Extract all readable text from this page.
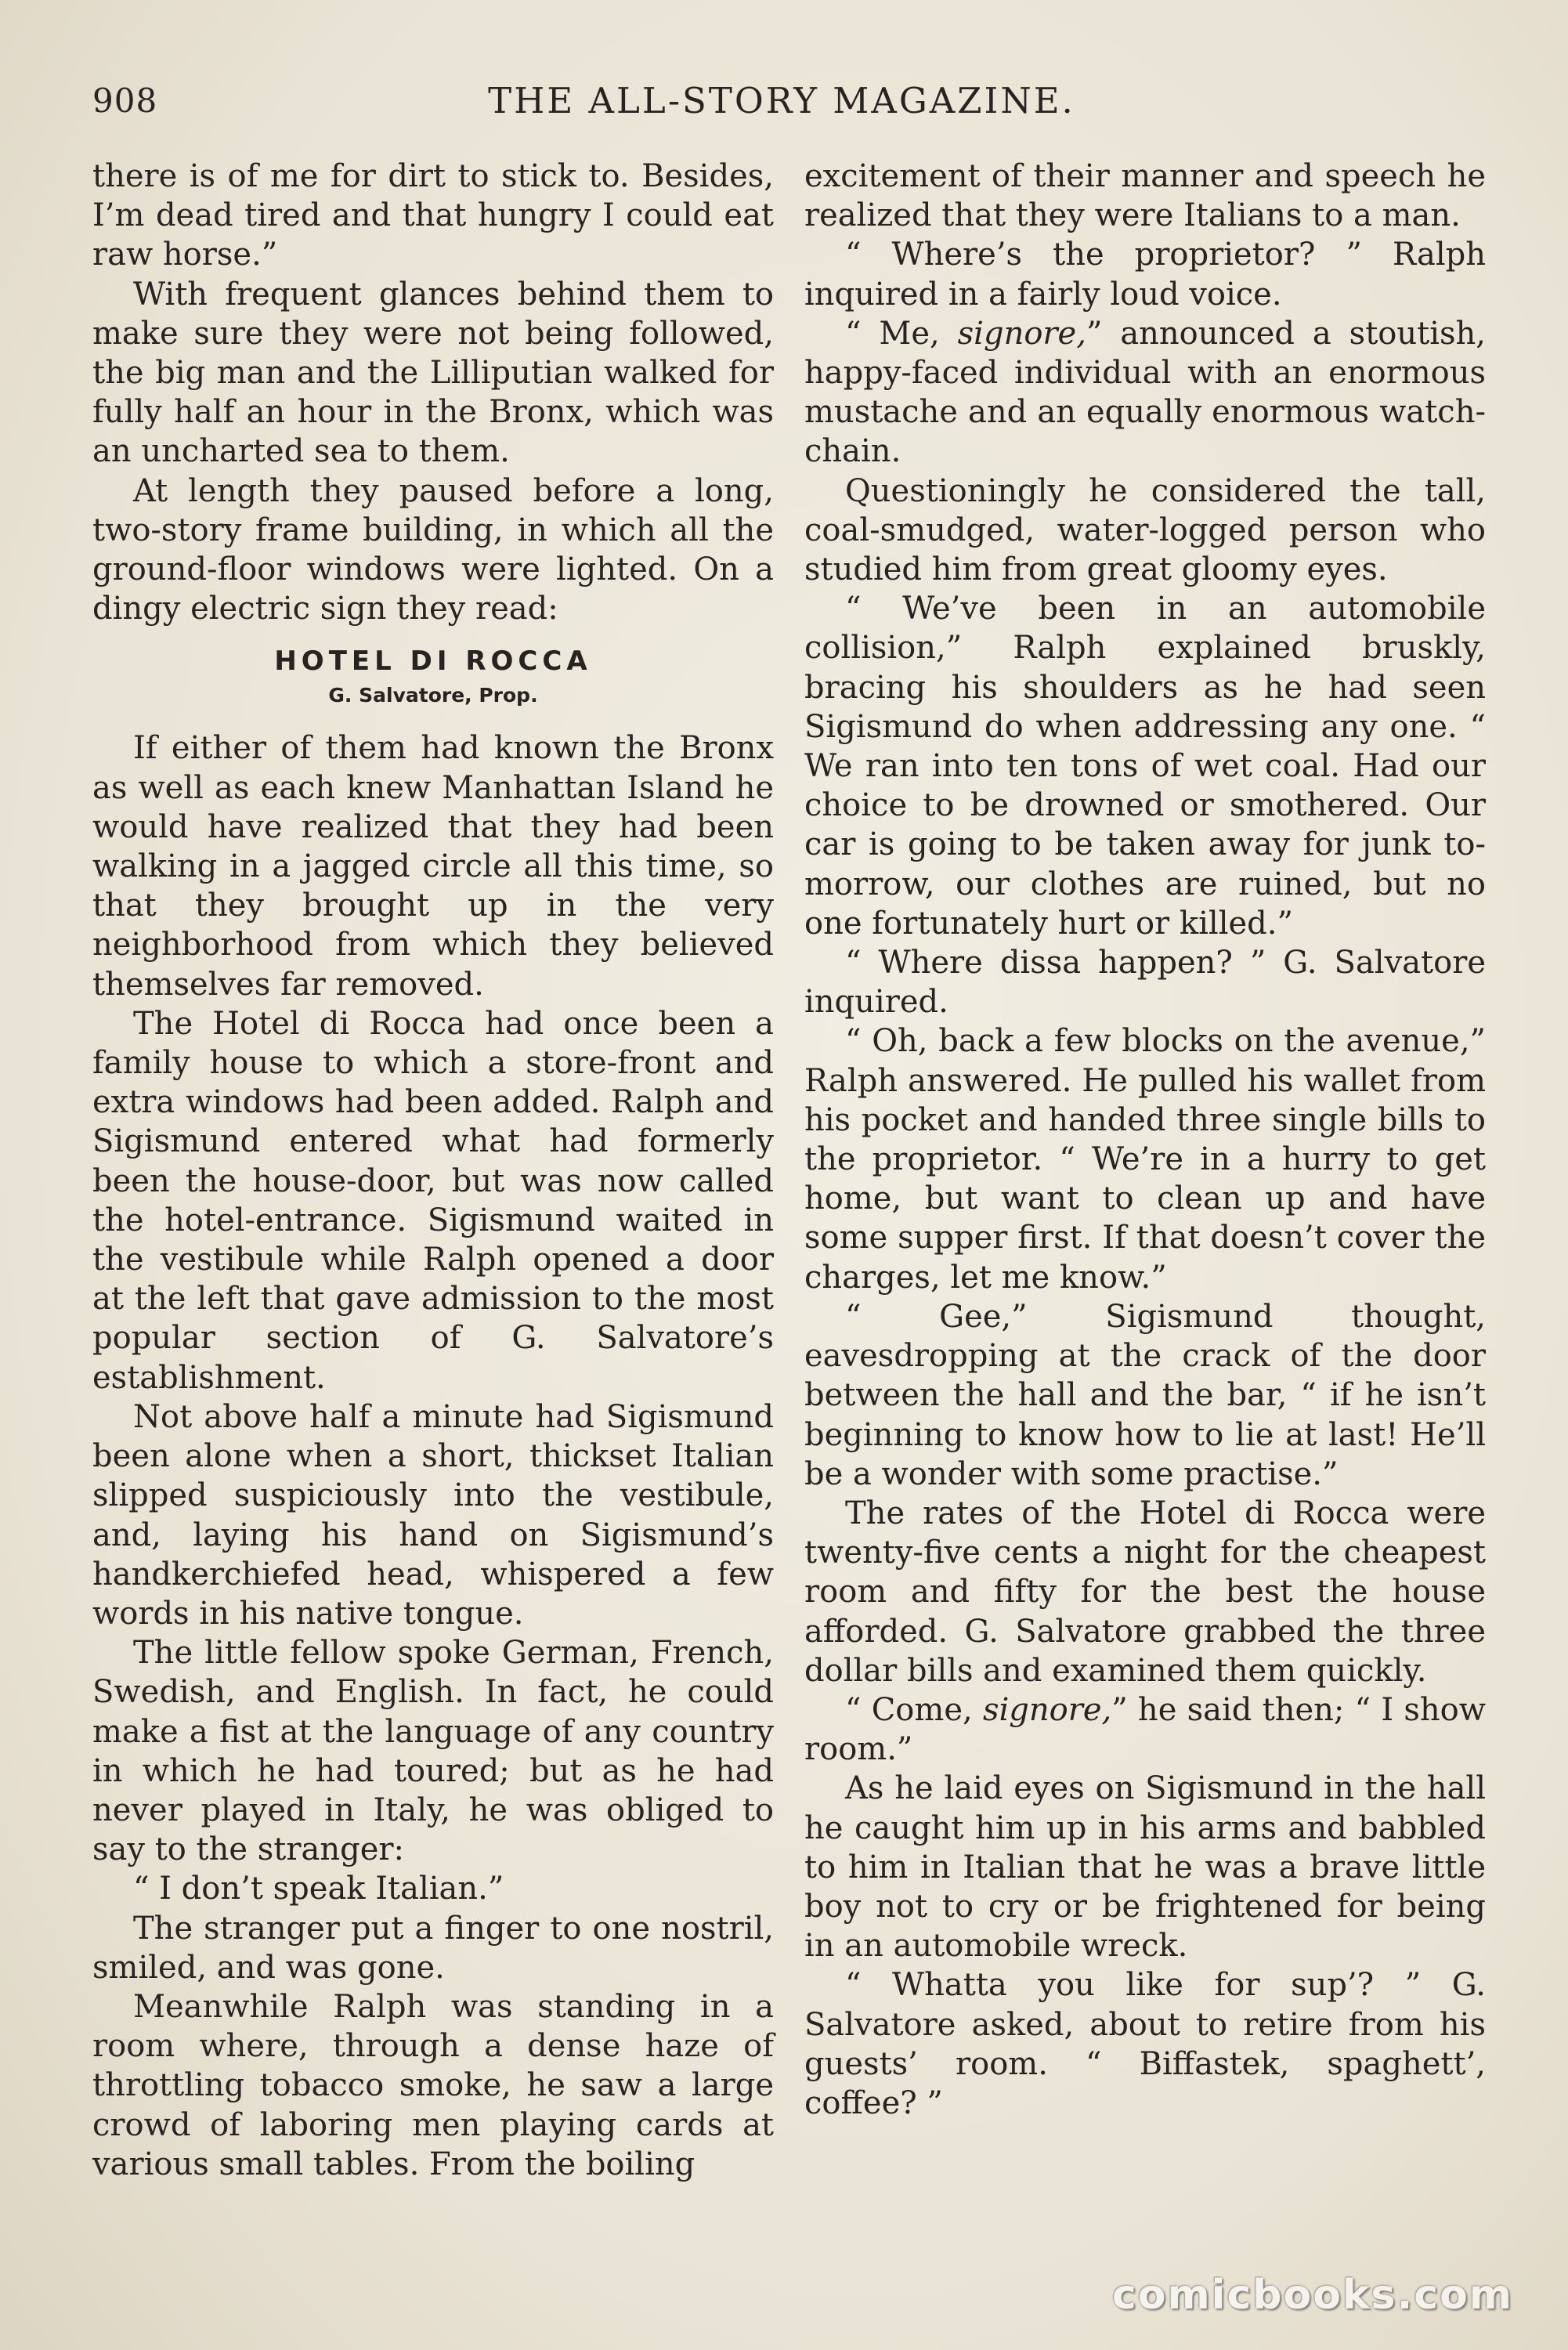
908	THE ALL-STORY MAGAZINE.

there is of me for dirt to stick to. Besides, I’m dead tired and that hungry I could eat raw horse.”

With frequent glances behind them to make sure they were not being followed, the big man and the Lilliputian walked for fully half an hour in the Bronx, which was an uncharted sea to them.

At length they paused before a long, two-story frame building, in which all the ground-floor windows were lighted. On a dingy electric sign they read:

HOTEL DI ROCCA
G. Salvatore, Prop.

If either of them had known the Bronx as well as each knew Manhattan Island he would have realized that they had been walking in a jagged circle all this time, so that they brought up in the very neighborhood from which they believed themselves far removed.

The Hotel di Rocca had once been a family house to which a store-front and extra windows had been added. Ralph and Sigismund entered what had formerly been the house-door, but was now called the hotel-entrance. Sigismund waited in the vestibule while Ralph opened a door at the left that gave admission to the most popular section of G. Salvatore’s establishment.

Not above half a minute had Sigismund been alone when a short, thickset Italian slipped suspiciously into the vestibule, and, laying his hand on Sigismund’s handkerchiefed head, whispered a few words in his native tongue.

The little fellow spoke German, French, Swedish, and English. In fact, he could make a fist at the language of any country in which he had toured; but as he had never played in Italy, he was obliged to say to the stranger:

“ I don’t speak Italian.”

The stranger put a finger to one nostril, smiled, and was gone.

Meanwhile Ralph was standing in a room where, through a dense haze of throttling tobacco smoke, he saw a large crowd of laboring men playing cards at various small tables. From the boiling

excitement of their manner and speech he realized that they were Italians to a man.

“ Where’s the proprietor? ” Ralph inquired in a fairly loud voice.

“ Me, signore,” announced a stoutish, happy-faced individual with an enormous mustache and an equally enormous watch-chain.

Questioningly he considered the tall, coal-smudged, water-logged person who studied him from great gloomy eyes.

“ We’ve been in an automobile collision,” Ralph explained bruskly, bracing his shoulders as he had seen Sigismund do when addressing any one. “ We ran into ten tons of wet coal. Had our choice to be drowned or smothered. Our car is going to be taken away for junk to-morrow, our clothes are ruined, but no one fortunately hurt or killed.”

“ Where dissa happen? ” G. Salvatore inquired.

“ Oh, back a few blocks on the avenue,” Ralph answered. He pulled his wallet from his pocket and handed three single bills to the proprietor. “ We’re in a hurry to get home, but want to clean up and have some supper first. If that doesn’t cover the charges, let me know.”

“ Gee,” Sigismund thought, eavesdropping at the crack of the door between the hall and the bar, “ if he isn’t beginning to know how to lie at last! He’ll be a wonder with some practise.”

The rates of the Hotel di Rocca were twenty-five cents a night for the cheapest room and fifty for the best the house afforded. G. Salvatore grabbed the three dollar bills and examined them quickly.

“ Come, signore,” he said then; “ I show room.”

As he laid eyes on Sigismund in the hall he caught him up in his arms and babbled to him in Italian that he was a brave little boy not to cry or be frightened for being in an automobile wreck.

“ Whatta you like for sup’? ” G. Salvatore asked, about to retire from his guests’ room. “ Biffastek, spaghett’, coffee? ”

comicbooks.com
